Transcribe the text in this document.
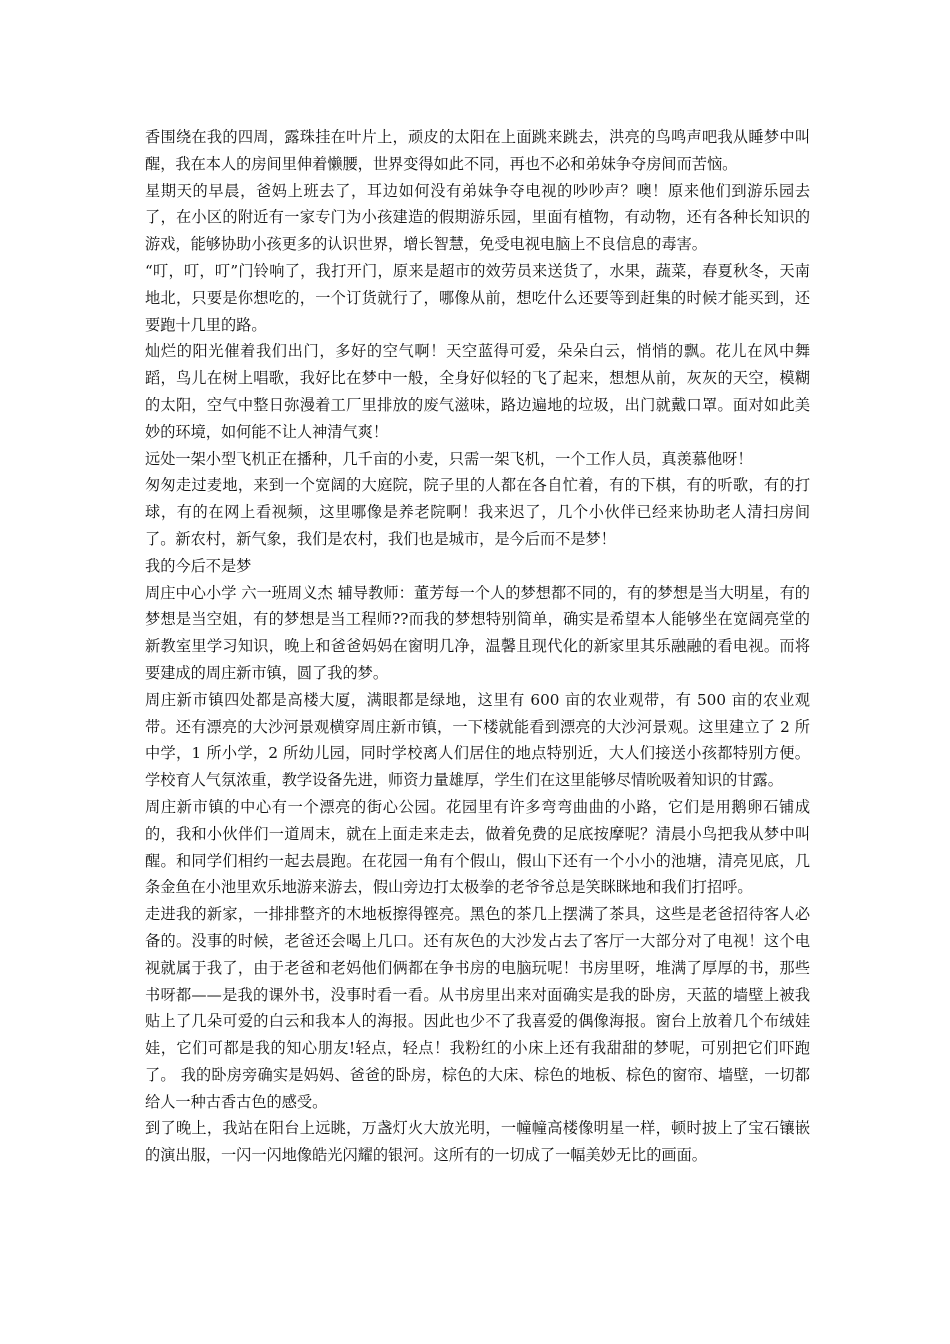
香围绕在我的四周，露珠挂在叶片上，顽皮的太阳在上面跳来跳去，洪亮的鸟鸣声吧我从睡梦中叫醒，我在本人的房间里伸着懒腰，世界变得如此不同，再也不必和弟妹争夺房间而苦恼。

星期天的早晨，爸妈上班去了，耳边如何没有弟妹争夺电视的吵吵声？噢！原来他们到游乐园去了，在小区的附近有一家专门为小孩建造的假期游乐园，里面有植物，有动物，还有各种长知识的游戏，能够协助小孩更多的认识世界，增长智慧，免受电视电脑上不良信息的毒害。

“叮，叮，叮”门铃响了，我打开门，原来是超市的效劳员来送货了，水果，蔬菜，春夏秋冬，天南地北，只要是你想吃的，一个订货就行了，哪像从前，想吃什么还要等到赶集的时候才能买到，还要跑十几里的路。

灿烂的阳光催着我们出门，多好的空气啊！天空蓝得可爱，朵朵白云，悄悄的飘。花儿在风中舞蹈，鸟儿在树上唱歌，我好比在梦中一般，全身好似轻的飞了起来，想想从前，灰灰的天空，模糊的太阳，空气中整日弥漫着工厂里排放的废气滋味，路边遍地的垃圾，出门就戴口罩。面对如此美妙的环境，如何能不让人神清气爽！

远处一架小型飞机正在播种，几千亩的小麦，只需一架飞机，一个工作人员，真羡慕他呀！

匆匆走过麦地，来到一个宽阔的大庭院，院子里的人都在各自忙着，有的下棋，有的听歌，有的打球，有的在网上看视频，这里哪像是养老院啊！我来迟了，几个小伙伴已经来协助老人清扫房间了。新农村，新气象，我们是农村，我们也是城市，是今后而不是梦！

我的今后不是梦

周庄中心小学 六一班周义杰 辅导教师：董芳每一个人的梦想都不同的，有的梦想是当大明星，有的梦想是当空姐，有的梦想是当工程师??而我的梦想特别简单，确实是希望本人能够坐在宽阔亮堂的新教室里学习知识，晚上和爸爸妈妈在窗明几净，温馨且现代化的新家里其乐融融的看电视。而将要建成的周庄新市镇，圆了我的梦。

周庄新市镇四处都是高楼大厦，满眼都是绿地，这里有 600 亩的农业观带，有 500 亩的农业观带。还有漂亮的大沙河景观横穿周庄新市镇，一下楼就能看到漂亮的大沙河景观。这里建立了 2 所中学，1 所小学，2 所幼儿园，同时学校离人们居住的地点特别近，大人们接送小孩都特别方便。学校育人气氛浓重，教学设备先进，师资力量雄厚，学生们在这里能够尽情吮吸着知识的甘露。

周庄新市镇的中心有一个漂亮的街心公园。花园里有许多弯弯曲曲的小路，它们是用鹅卵石铺成的，我和小伙伴们一道周末，就在上面走来走去，做着免费的足底按摩呢？清晨小鸟把我从梦中叫醒。和同学们相约一起去晨跑。在花园一角有个假山，假山下还有一个小小的池塘，清亮见底，几条金鱼在小池里欢乐地游来游去，假山旁边打太极拳的老爷爷总是笑眯眯地和我们打招呼。

走进我的新家，一排排整齐的木地板擦得铿亮。黑色的茶几上摆满了茶具，这些是老爸招待客人必备的。没事的时候，老爸还会喝上几口。还有灰色的大沙发占去了客厅一大部分对了电视！这个电视就属于我了，由于老爸和老妈他们俩都在争书房的电脑玩呢！书房里呀，堆满了厚厚的书，那些书呀都——是我的课外书，没事时看一看。从书房里出来对面确实是我的卧房，天蓝的墙壁上被我贴上了几朵可爱的白云和我本人的海报。因此也少不了我喜爱的偶像海报。窗台上放着几个布绒娃娃，它们可都是我的知心朋友!轻点，轻点！我粉红的小床上还有我甜甜的梦呢，可别把它们吓跑了。 我的卧房旁确实是妈妈、爸爸的卧房，棕色的大床、棕色的地板、棕色的窗帘、墙壁，一切都给人一种古香古色的感受。

到了晚上，我站在阳台上远眺，万盏灯火大放光明，一幢幢高楼像明星一样，顿时披上了宝石镶嵌的演出服，一闪一闪地像皓光闪耀的银河。这所有的一切成了一幅美妙无比的画面。
